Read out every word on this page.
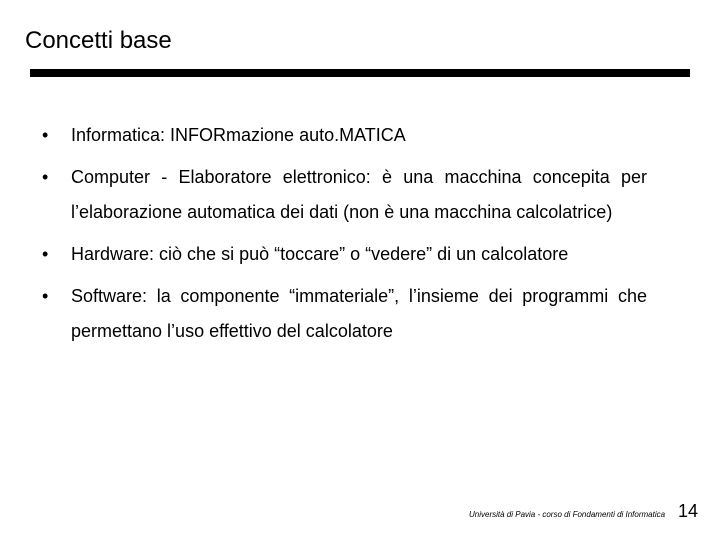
Concetti base
• Informatica: INFORmazione auto.MATICA
• Computer - Elaboratore elettronico: è una macchina concepita per l’elaborazione automatica dei dati (non è una macchina calcolatrice)
• Hardware: ciò che si può “toccare” o “vedere” di un calcolatore
• Software: la componente “immateriale”, l’insieme dei programmi che permettano l’uso effettivo del calcolatore
Università di Pavia - corso di Fondamenti di Informatica 14
